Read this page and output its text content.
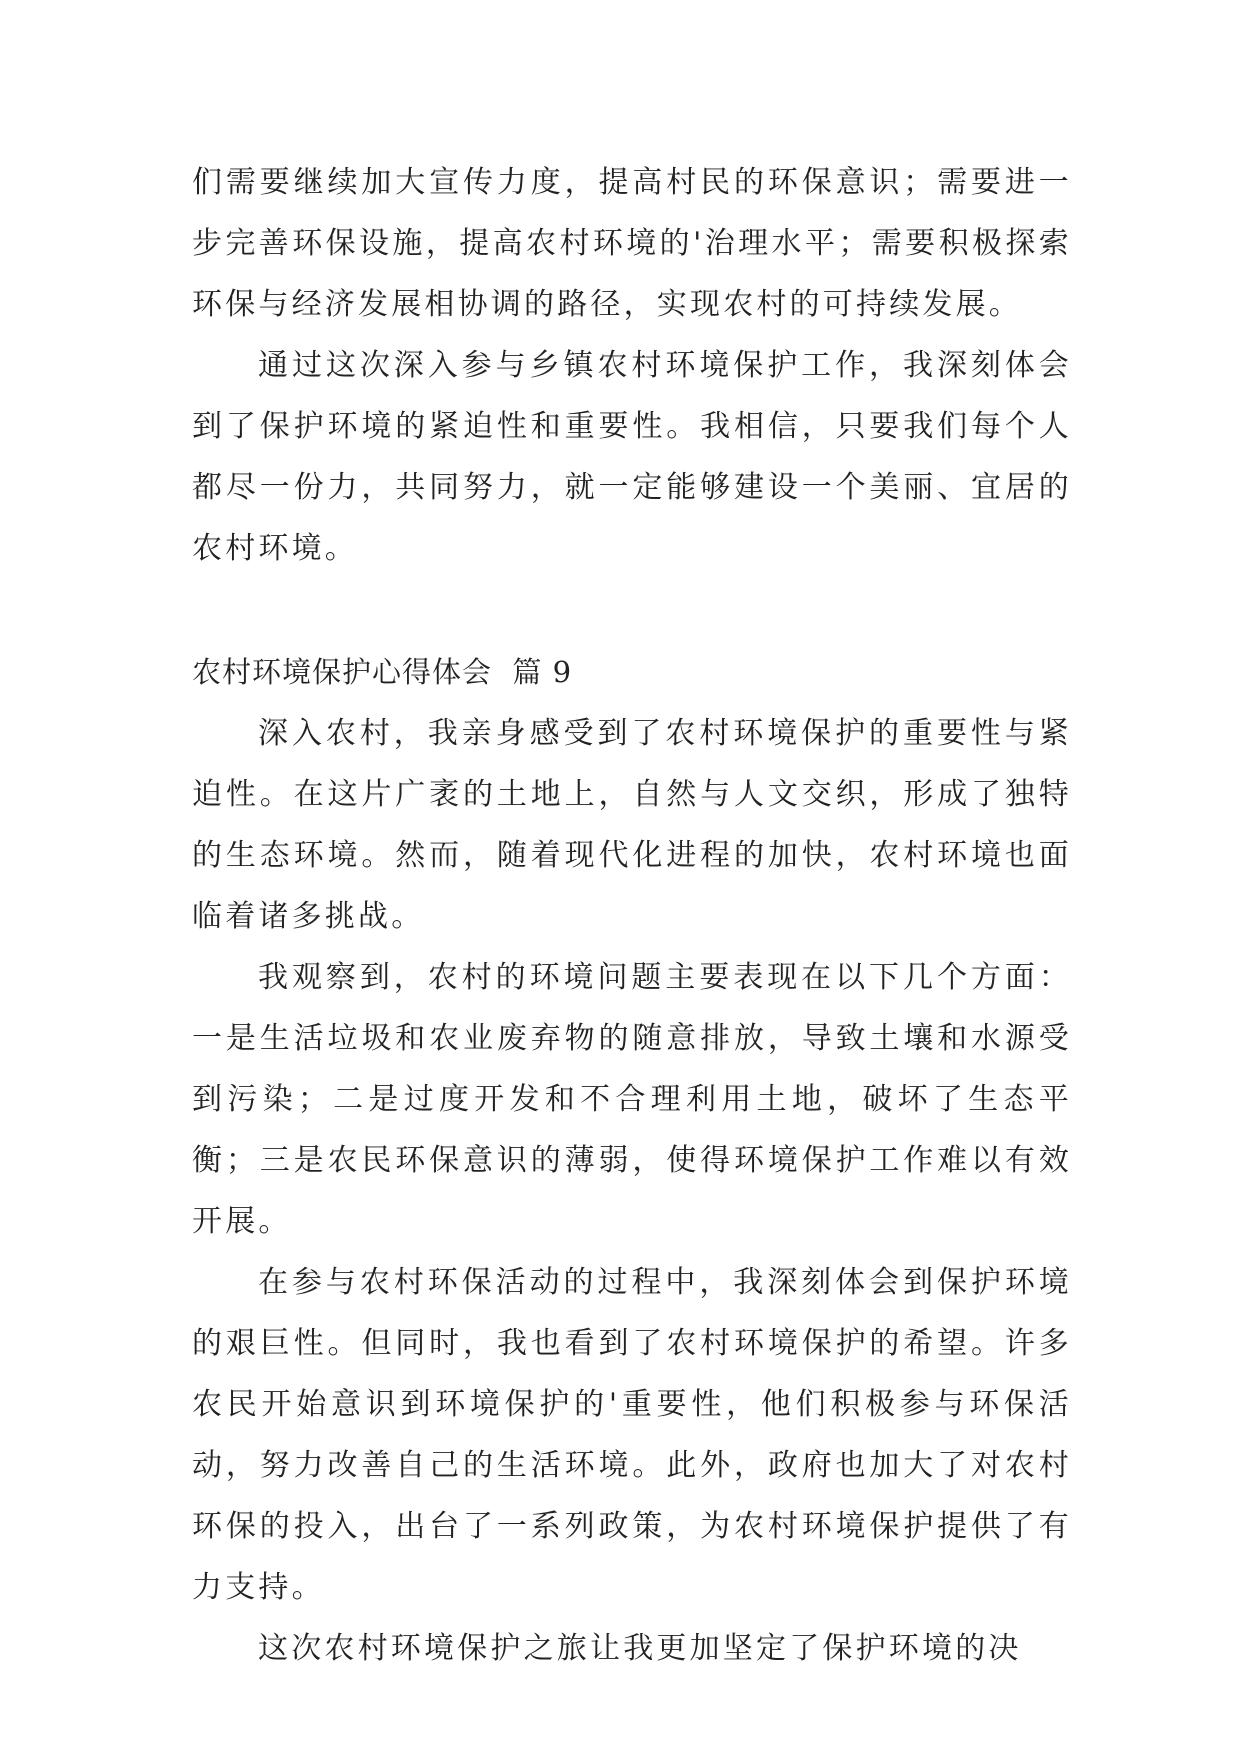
们需要继续加大宣传力度，提高村民的环保意识；需要进一步完善环保设施，提高农村环境的'治理水平；需要积极探索环保与经济发展相协调的路径，实现农村的可持续发展。

通过这次深入参与乡镇农村环境保护工作，我深刻体会到了保护环境的紧迫性和重要性。我相信，只要我们每个人都尽一份力，共同努力，就一定能够建设一个美丽、宜居的农村环境。

农村环境保护心得体会  篇 9

深入农村，我亲身感受到了农村环境保护的重要性与紧迫性。在这片广袤的土地上，自然与人文交织，形成了独特的生态环境。然而，随着现代化进程的加快，农村环境也面临着诸多挑战。

我观察到，农村的环境问题主要表现在以下几个方面：一是生活垃圾和农业废弃物的随意排放，导致土壤和水源受到污染；二是过度开发和不合理利用土地，破坏了生态平衡；三是农民环保意识的薄弱，使得环境保护工作难以有效开展。

在参与农村环保活动的过程中，我深刻体会到保护环境的艰巨性。但同时，我也看到了农村环境保护的希望。许多农民开始意识到环境保护的'重要性，他们积极参与环保活动，努力改善自己的生活环境。此外，政府也加大了对农村环保的投入，出台了一系列政策，为农村环境保护提供了有力支持。

这次农村环境保护之旅让我更加坚定了保护环境的决
